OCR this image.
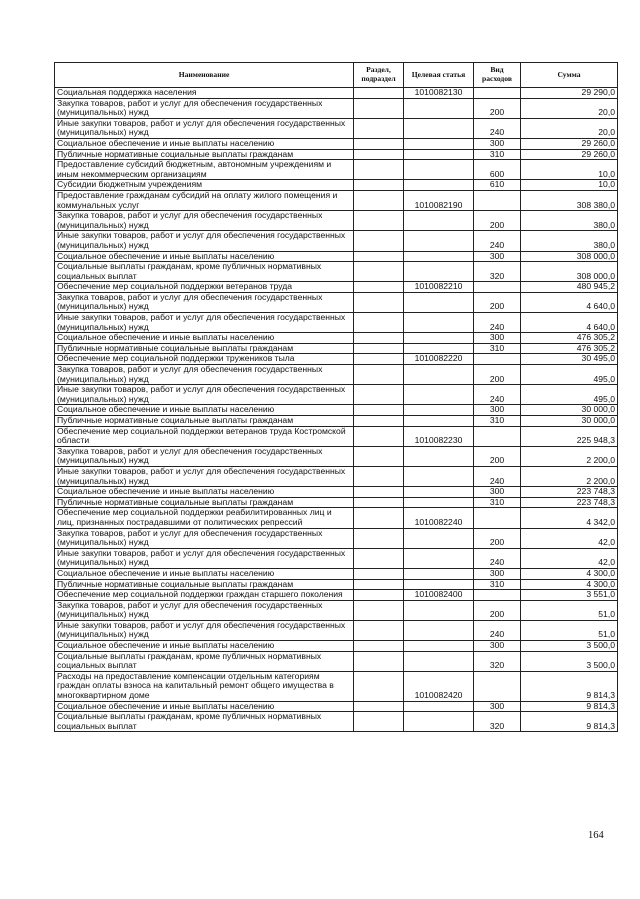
Наименование	Раздел, подраздел	Целевая статья	Вид расходов	Сумма
Социальная поддержка населения		1010082130		29 290,0
Закупка товаров, работ и услуг для обеспечения государственных (муниципальных) нужд			200	20,0
Иные закупки товаров, работ и услуг для обеспечения государственных (муниципальных) нужд			240	20,0
Социальное обеспечение и иные выплаты населению			300	29 260,0
Публичные нормативные социальные выплаты гражданам			310	29 260,0
Предоставление субсидий бюджетным, автономным учреждениям и иным некоммерческим организациям			600	10,0
Субсидии бюджетным учреждениям			610	10,0
Предоставление гражданам субсидий на оплату жилого помещения и коммунальных услуг		1010082190		308 380,0
Закупка товаров, работ и услуг для обеспечения государственных (муниципальных) нужд			200	380,0
Иные закупки товаров, работ и услуг для обеспечения государственных (муниципальных) нужд			240	380,0
Социальное обеспечение и иные выплаты населению			300	308 000,0
Социальные выплаты гражданам, кроме публичных нормативных социальных выплат			320	308 000,0
Обеспечение мер социальной поддержки ветеранов труда		1010082210		480 945,2
Закупка товаров, работ и услуг для обеспечения государственных (муниципальных) нужд			200	4 640,0
Иные закупки товаров, работ и услуг для обеспечения государственных (муниципальных) нужд			240	4 640,0
Социальное обеспечение и иные выплаты населению			300	476 305,2
Публичные нормативные социальные выплаты гражданам			310	476 305,2
Обеспечение мер социальной поддержки тружеников тыла		1010082220		30 495,0
Закупка товаров, работ и услуг для обеспечения государственных (муниципальных) нужд			200	495,0
Иные закупки товаров, работ и услуг для обеспечения государственных (муниципальных) нужд			240	495,0
Социальное обеспечение и иные выплаты населению			300	30 000,0
Публичные нормативные социальные выплаты гражданам			310	30 000,0
Обеспечение мер социальной поддержки ветеранов труда Костромской области		1010082230		225 948,3
Закупка товаров, работ и услуг для обеспечения государственных (муниципальных) нужд			200	2 200,0
Иные закупки товаров, работ и услуг для обеспечения государственных (муниципальных) нужд			240	2 200,0
Социальное обеспечение и иные выплаты населению			300	223 748,3
Публичные нормативные социальные выплаты гражданам			310	223 748,3
Обеспечение мер социальной поддержки реабилитированных лиц и лиц, признанных пострадавшими от политических репрессий		1010082240		4 342,0
Закупка товаров, работ и услуг для обеспечения государственных (муниципальных) нужд			200	42,0
Иные закупки товаров, работ и услуг для обеспечения государственных (муниципальных) нужд			240	42,0
Социальное обеспечение и иные выплаты населению			300	4 300,0
Публичные нормативные социальные выплаты гражданам			310	4 300,0
Обеспечение мер социальной поддержки граждан старшего поколения		1010082400		3 551,0
Закупка товаров, работ и услуг для обеспечения государственных (муниципальных) нужд			200	51,0
Иные закупки товаров, работ и услуг для обеспечения государственных (муниципальных) нужд			240	51,0
Социальное обеспечение и иные выплаты населению			300	3 500,0
Социальные выплаты гражданам, кроме публичных нормативных социальных выплат			320	3 500,0
Расходы на предоставление компенсации отдельным категориям граждан оплаты взноса на капитальный ремонт общего имущества в многоквартирном доме		1010082420		9 814,3
Социальное обеспечение и иные выплаты населению			300	9 814,3
Социальные выплаты гражданам, кроме публичных нормативных социальных выплат			320	9 814,3
164
